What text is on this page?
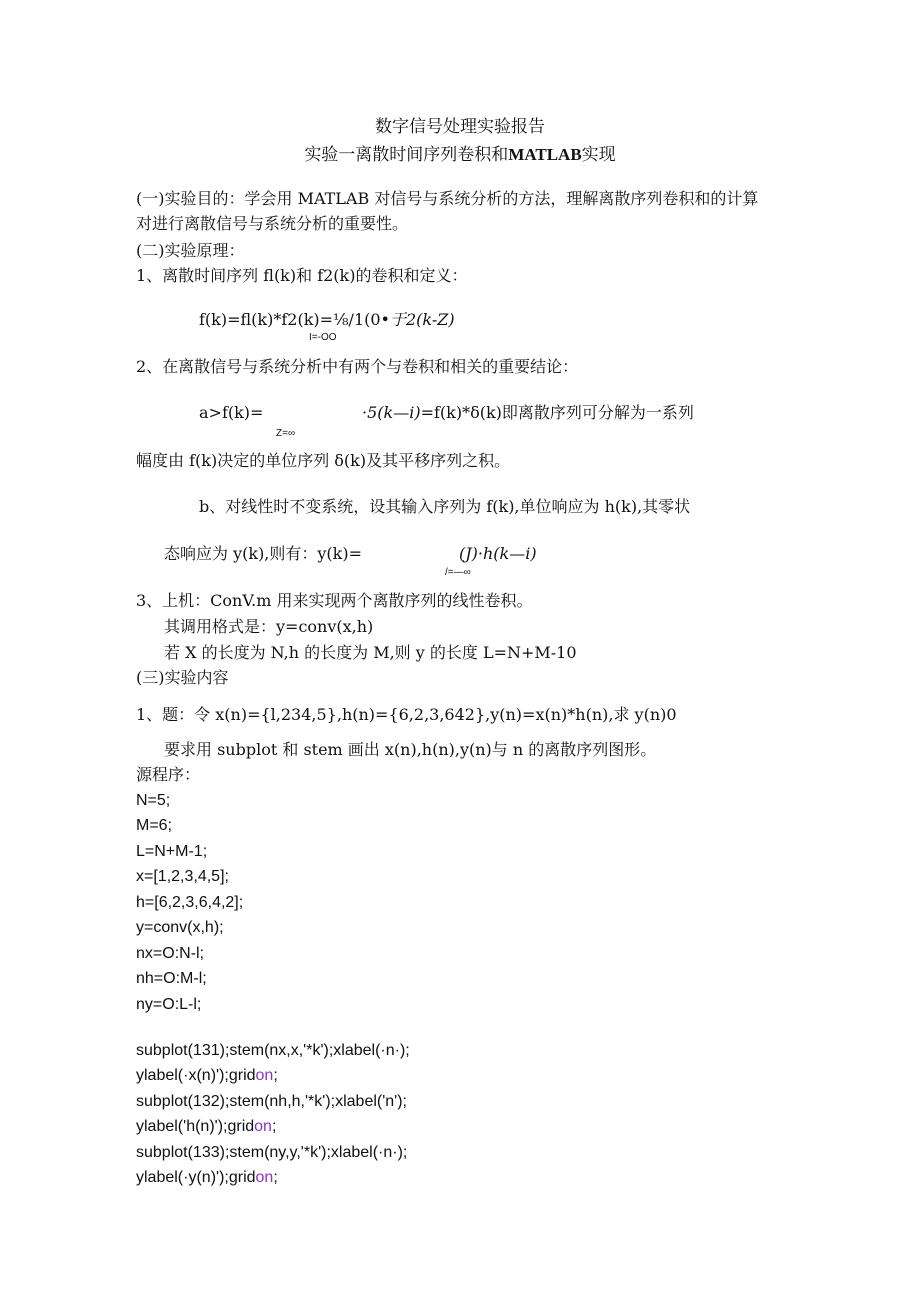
数字信号处理实验报告
实验一离散时间序列卷积和MATLAB实现
(一)实验目的：学会用 MATLAB 对信号与系统分析的方法，理解离散序列卷积和的计算
对进行离散信号与系统分析的重要性。
(二)实验原理：
1、离散时间序列 fl(k)和 f2(k)的卷积和定义：
f(k)=fl(k)*f2(k)=⅛/1(0•于2(k-Z)
I=-OO
2、在离散信号与系统分析中有两个与卷积和相关的重要结论：
a>f(k)=	·5(k—i)=f(k)*δ(k)即离散序列可分解为一系列
Z=∞
幅度由 f(k)决定的单位序列 δ(k)及其平移序列之积。
b、对线性时不变系统，设其输入序列为 f(k),单位响应为 h(k),其零状
态响应为 y(k),则有：y(k)=	(J)·h(k—i)
/=—∞
3、上机：ConV.m 用来实现两个离散序列的线性卷积。
其调用格式是：y=conv(x,h)
若 X 的长度为 N,h 的长度为 M,则 y 的长度 L=N+M-10
(三)实验内容
1、题：令 x(n)={l,234,5},h(n)={6,2,3,642},y(n)=x(n)*h(n),求 y(n)0
要求用 subplot 和 stem 画出 x(n),h(n),y(n)与 n 的离散序列图形。
源程序：
N=5;
M=6;
L=N+M-1;
x=[1,2,3,4,5];
h=[6,2,3,6,4,2];
y=conv(x,h);
nx=O:N-l;
nh=O:M-l;
ny=O:L-l;
subplot(131);stem(nx,x,'*k');xlabel(·n·);
ylabel(·x(n)');gridon;
subplot(132);stem(nh,h,'*k');xlabel('n');
ylabel('h(n)');gridon;
subplot(133);stem(ny,y,'*k');xlabel(·n·);
ylabel(·y(n)');gridon;
